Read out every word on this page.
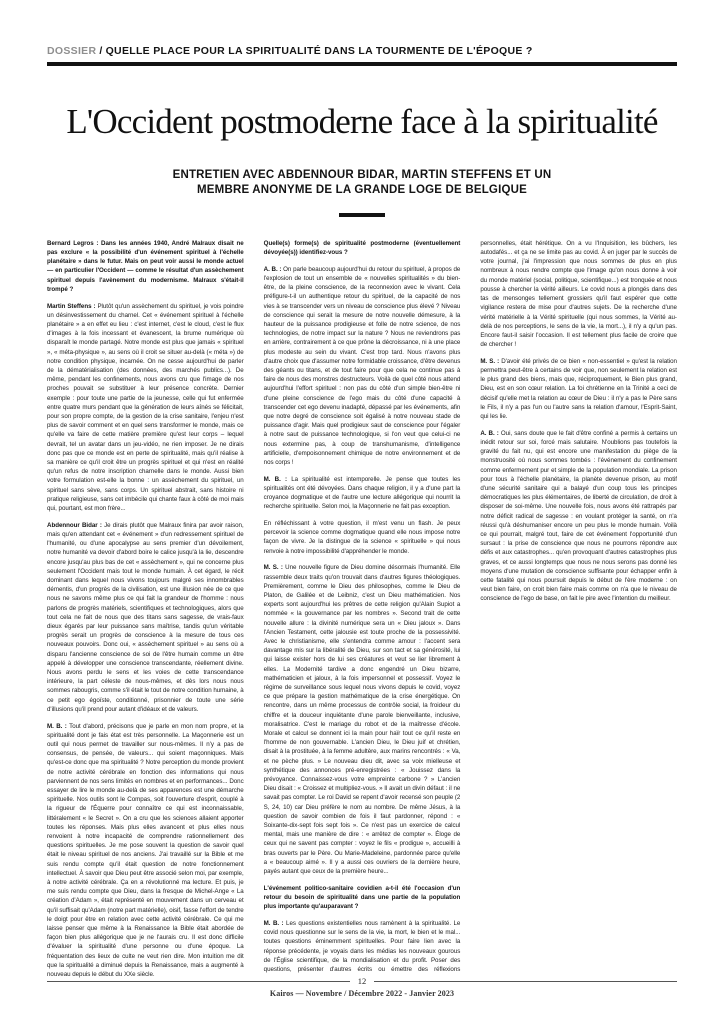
DOSSIER / QUELLE PLACE POUR LA SPIRITUALITÉ DANS LA TOURMENTE DE L'ÉPOQUE ?
L'Occident postmoderne face à la spiritualité
ENTRETIEN AVEC ABDENNOUR BIDAR, MARTIN STEFFENS ET UN MEMBRE ANONYME DE LA GRANDE LOGE DE BELGIQUE

Bernard Legros : Dans les années 1940, André Malraux disait ne pas exclure « la possibilité d'un événement spirituel à l'échelle planétaire » dans le futur. Mais on peut voir aussi le monde actuel — en particulier l'Occident — comme le résultat d'un assèchement spirituel depuis l'avènement du modernisme. Malraux s'était-il trompé ?

Martin Steffens : Plutôt qu'un assèchement du spirituel, je vois poindre un désinvestissement du charnel. Cet « événement spirituel à l'échelle planétaire » a en effet eu lieu : c'est internet, c'est le cloud, c'est le flux d'images à la fois incessant et évanescent, la brume numérique où disparaît le monde partagé. Notre monde est plus que jamais « spirituel », « méta-physique », au sens où il croit se situer au-delà (« méta ») de notre condition physique, incarnée. On ne cesse aujourd'hui de parler de la dématérialisation (des données, des marchés publics...). De même, pendant les confinements, nous avons cru que l'image de nos proches pouvait se substituer à leur présence concrète. Dernier exemple : pour toute une partie de la jeunesse, celle qui fut enfermée entre quatre murs pendant que la génération de leurs aînés se félicitait, pour son propre compte, de la gestion de la crise sanitaire, l'enjeu n'est plus de savoir comment et en quel sens transformer le monde, mais ce qu'elle va faire de cette matière première qu'est leur corps – lequel devrait, tel un avatar dans un jeu-vidéo, ne rien imposer. Je ne dirais donc pas que ce monde est en perte de spiritualité, mais qu'il réalise à sa manière ce qu'il croit être un progrès spirituel et qui n'est en réalité qu'un refus de notre inscription charnelle dans le monde. Aussi bien votre formulation est-elle la bonne : un assèchement du spirituel, un spirituel sans sève, sans corps. Un spirituel abstrait, sans histoire ni pratique religieuse, sans cet imbécile qui chante faux à côté de moi mais qui, pourtant, est mon frère...

Abdennour Bidar : Je dirais plutôt que Malraux finira par avoir raison, mais qu'en attendant cet « événement » d'un redressement spirituel de l'humanité, ou d'une apocalypse au sens premier d'un dévoilement, notre humanité va devoir d'abord boire le calice jusqu'à la lie, descendre encore jusqu'au plus bas de cet « assèchement », qui ne concerne plus seulement l'Occident mais tout le monde humain. À cet égard, le récit dominant dans lequel nous vivons toujours malgré ses innombrables démentis, d'un progrès de la civilisation, est une illusion née de ce que nous ne savons même plus ce qui fait la grandeur de l'homme : nous parlons de progrès matériels, scientifiques et technologiques, alors que tout cela ne fait de nous que des titans sans sagesse, de vrais-faux dieux égarés par leur puissance sans maîtrise, tandis qu'un véritable progrès serait un progrès de conscience à la mesure de tous ces nouveaux pouvoirs. Donc oui, « assèchement spirituel » au sens où a disparu l'ancienne conscience de soi de l'être humain comme un être appelé à développer une conscience transcendante, réellement divine. Nous avons perdu le sens et les voies de cette transcendance intérieure, la part céleste de nous-mêmes, et dès lors nous nous sommes rabougris, comme s'il était le tout de notre condition humaine, à ce petit ego égoïste, conditionné, prisonnier de toute une série d'illusions qu'il prend pour autant d'idéaux et de valeurs.

M. B. : Tout d'abord, précisons que je parle en mon nom propre, et la spiritualité dont je fais état est très personnelle. La Maçonnerie est un outil qui nous permet de travailler sur nous-mêmes. Il n'y a pas de consensus, de pensée, de valeurs... qui soient maçonniques. Mais qu'est-ce donc que ma spiritualité ? Notre perception du monde provient de notre activité cérébrale en fonction des informations qui nous parviennent de nos sens limités en nombres et en performances... Donc essayer de lire le monde au-delà de ses apparences est une démarche spirituelle. Nos outils sont le Compas, soit l'ouverture d'esprit, couplé à la rigueur de l'Équerre pour connaître ce qui est inconnaissable, littéralement « le Secret ». On a cru que les sciences allaient apporter toutes les réponses. Mais plus elles avancent et plus elles nous renvoient à notre incapacité de comprendre rationnellement des questions spirituelles. Je me pose souvent la question de savoir quel était le niveau spirituel de nos anciens. J'ai travaillé sur la Bible et me suis rendu compte qu'il était question de notre fonctionnement intellectuel. À savoir que Dieu peut être associé selon moi, par exemple, à notre activité cérébrale. Ça en a révolutionné ma lecture. Et puis, je me suis rendu compte que Dieu, dans la fresque de Michel-Ange « La création d'Adam », était représenté en mouvement dans un cerveau et qu'il suffisait qu'Adam (notre part matérielle), oisif, fasse l'effort de tendre le doigt pour être en relation avec cette activité cérébrale. Ce qui me laisse penser que même à la Renaissance la Bible était abordée de façon bien plus allégorique que je ne l'aurais cru. Il est donc difficile d'évaluer la spiritualité d'une personne ou d'une époque. La fréquentation des lieux de culte ne veut rien dire. Mon intuition me dit que la spiritualité a diminué depuis la Renaissance, mais a augmenté à nouveau depuis le début du XXe siècle.

Quelle(s) forme(s) de spiritualité postmoderne (éventuellement dévoyée(s)) identifiez-vous ?

A. B. : On parle beaucoup aujourd'hui du retour du spirituel, à propos de l'explosion de tout un ensemble de « nouvelles spiritualités » du bien-être, de la pleine conscience, de la reconnexion avec le vivant. Cela préfigure-t-il un authentique retour du spirituel, de la capacité de nos vies à se transcender vers un niveau de conscience plus élevé ? Niveau de conscience qui serait la mesure de notre nouvelle démesure, à la hauteur de la puissance prodigieuse et folle de notre science, de nos technologies, de notre impact sur la nature ? Nous ne reviendrons pas en arrière, contrairement à ce que prône la décroissance, ni à une place plus modeste au sein du vivant. C'est trop tard. Nous n'avons plus d'autre choix que d'assumer notre formidable croissance, d'être devenus des géants ou titans, et de tout faire pour que cela ne continue pas à faire de nous des monstres destructeurs. Voilà de quel côté nous attend aujourd'hui l'effort spirituel : non pas du côté d'un simple bien-être ni d'une pleine conscience de l'ego mais du côté d'une capacité à transcender cet ego devenu inadapté, dépassé par les événements, afin que notre degré de conscience soit égalisé à notre nouveau stade de puissance d'agir. Mais quel prodigieux saut de conscience pour l'égaler à notre saut de puissance technologique, si l'on veut que celui-ci ne nous extermine pas, à coup de transhumanisme, d'intelligence artificielle, d'empoisonnement chimique de notre environnement et de nos corps !

M. B. : La spiritualité est intemporelle. Je pense que toutes les spiritualités ont été dévoyées. Dans chaque religion, il y a d'une part la croyance dogmatique et de l'autre une lecture allégorique qui nourrit la recherche spirituelle. Selon moi, la Maçonnerie ne fait pas exception.

En réfléchissant à votre question, il m'est venu un flash. Je peux percevoir la science comme dogmatique quand elle nous impose notre façon de vivre. Je la distingue de la science « spirituelle » qui nous renvoie à notre impossibilité d'appréhender le monde.

M. S. : Une nouvelle figure de Dieu domine désormais l'humanité. Elle rassemble deux traits qu'on trouvait dans d'autres figures théologiques. Premièrement, comme le Dieu des philosophes, comme le Dieu de Platon, de Galilée et de Leibniz, c'est un Dieu mathématicien. Nos experts sont aujourd'hui les prêtres de cette religion qu'Alain Supiot a nommée « la gouvernance par les nombres ». Second trait de cette nouvelle allure : la divinité numérique sera un « Dieu jaloux ». Dans l'Ancien Testament, cette jalousie est toute proche de la possessivité. Avec le christianisme, elle s'entendra comme amour : l'accent sera davantage mis sur la libéralité de Dieu, sur son tact et sa générosité, lui qui laisse exister hors de lui ses créatures et veut se lier librement à elles. La Modernité tardive a donc engendré un Dieu bizarre, mathématicien et jaloux, à la fois impersonnel et possessif. Voyez le régime de surveillance sous lequel nous vivons depuis le covid, voyez ce que prépare la gestion mathématique de la crise énergétique. On rencontre, dans un même processus de contrôle social, la froideur du chiffre et la douceur inquiétante d'une parole bienveillante, inclusive, moralisatrice. C'est le mariage du robot et de la maîtresse d'école. Morale et calcul se donnent ici la main pour haïr tout ce qu'il reste en l'homme de non gouvernable. L'ancien Dieu, le Dieu juif et chrétien, disait à la prostituée, à la femme adultère, aux marins rencontrés : « Va, et ne pèche plus. » Le nouveau dieu dit, avec sa voix mielleuse et synthétique des annonces pré-enregistrées : « Jouissez dans la prévoyance. Connaissez-vous votre empreinte carbone ? » L'ancien Dieu disait : « Croissez et multipliez-vous. » Il avait un divin défaut : il ne savait pas compter. Le roi David se repent d'avoir recensé son peuple (2 S, 24, 10) car Dieu préfère le nom au nombre. De même Jésus, à la question de savoir combien de fois il faut pardonner, répond : « Soixante-dix-sept fois sept fois ». Ce n'est pas un exercice de calcul mental, mais une manière de dire : « arrêtez de compter ». Éloge de ceux qui ne savent pas compter : voyez le fils « prodigue », accueilli à bras ouverts par le Père. Ou Marie-Madeleine, pardonnée parce qu'elle a « beaucoup aimé ». Il y a aussi ces ouvriers de la dernière heure, payés autant que ceux de la première heure...

L'événement politico-sanitaire covidien a-t-il été l'occasion d'un retour du besoin de spiritualité dans une partie de la population plus importante qu'auparavant ?

M. B. : Les questions existentielles nous ramènent à la spiritualité. Le covid nous questionne sur le sens de la vie, la mort, le bien et le mal... toutes questions éminemment spirituelles. Pour faire lien avec la réponse précédente, je voyais dans les médias les nouveaux gourous de l'Église scientifique, de la mondialisation et du profit. Poser des questions, présenter d'autres écrits ou émettre des réflexions personnelles, était hérétique. On a vu l'Inquisition, les bûchers, les autodafés... et ça ne se limite pas au covid. À en juger par le succès de votre journal, j'ai l'impression que nous sommes de plus en plus nombreux à nous rendre compte que l'image qu'on nous donne à voir du monde matériel (social, politique, scientifique...) est tronquée et nous pousse à chercher la vérité ailleurs. Le covid nous a plongés dans des tas de mensonges tellement grossiers qu'il faut espérer que cette vigilance restera de mise pour d'autres sujets. De la recherche d'une vérité matérielle à la Vérité spirituelle (qui nous sommes, la Vérité au-delà de nos perceptions, le sens de la vie, la mort...), il n'y a qu'un pas. Encore faut-il saisir l'occasion. Il est tellement plus facile de croire que de chercher !

M. S. : D'avoir été privés de ce bien « non-essentiel » qu'est la relation permettra peut-être à certains de voir que, non seulement la relation est le plus grand des biens, mais que, réciproquement, le Bien plus grand, Dieu, est en son cœur relation. La foi chrétienne en la Trinité a ceci de décisif qu'elle met la relation au cœur de Dieu : il n'y a pas le Père sans le Fils, il n'y a pas l'un ou l'autre sans la relation d'amour, l'Esprit-Saint, qui les lie.

A. B. : Oui, sans doute que le fait d'être confiné a permis à certains un inédit retour sur soi, forcé mais salutaire. N'oublions pas toutefois la gravité du fait nu, qui est encore une manifestation du piège de la monstruosité où nous sommes tombés : l'événement du confinement comme enfermement pur et simple de la population mondiale. La prison pour tous à l'échelle planétaire, la planète devenue prison, au motif d'une sécurité sanitaire qui a balayé d'un coup tous les principes démocratiques les plus élémentaires, de liberté de circulation, de droit à disposer de soi-même. Une nouvelle fois, nous avons été rattrapés par notre déficit radical de sagesse : en voulant protéger la santé, on n'a réussi qu'à déshumaniser encore un peu plus le monde humain. Voilà ce qui pourrait, malgré tout, faire de cet événement l'opportunité d'un sursaut : la prise de conscience que nous ne pourrons répondre aux défis et aux catastrophes... qu'en provoquant d'autres catastrophes plus graves, et ce aussi longtemps que nous ne nous serons pas donné les moyens d'une mutation de conscience suffisante pour échapper enfin à cette fatalité qui nous poursuit depuis le début de l'ère moderne : on veut bien faire, on croit bien faire mais comme on n'a que le niveau de conscience de l'ego de base, on fait le pire avec l'intention du meilleur.

12
Kairos — Novembre / Décembre 2022 - Janvier 2023
